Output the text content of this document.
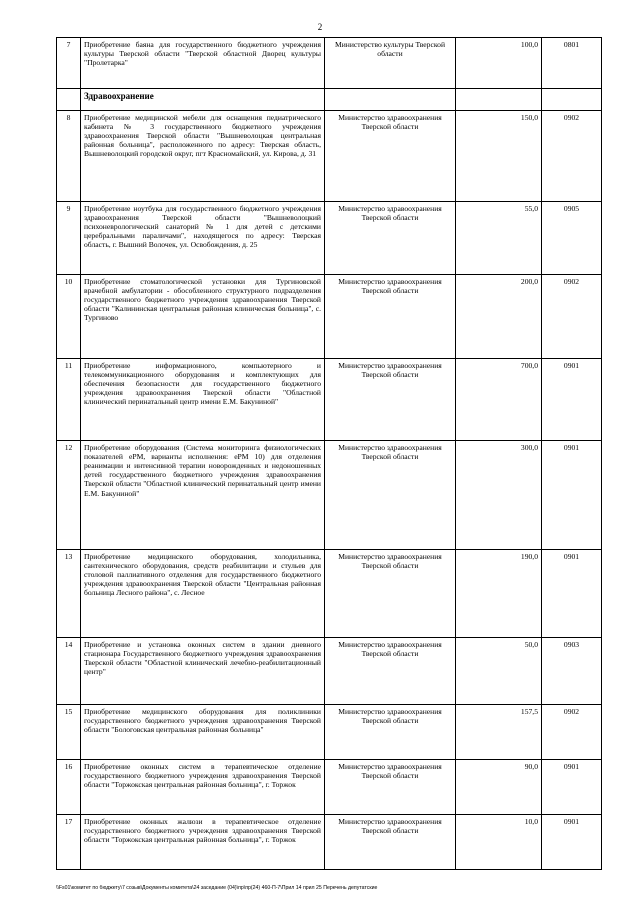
2
7	Приобретение баяна для государственного бюджетного учреждения культуры Тверской области "Тверской областной Дворец культуры "Пролетарка"	Министерство культуры Тверской области	100,0	0801
	Здравоохранение			
8	Приобретение медицинской мебели для оснащения педиатрического кабинета № 3 государственного бюджетного учреждения здравоохранения Тверской области "Вышневолоцкая центральная районная больница", расположенного по адресу: Тверская область, Вышневолоцкий городской округ, пгт Красномайский, ул. Кирова, д. 31	Министерство здравоохранения Тверской области	150,0	0902
9	Приобретение ноутбука для государственного бюджетного учреждения здравоохранения Тверской области "Вышневолоцкий психоневрологический санаторий № 1 для детей с детскими церебральными параличами", находящегося по адресу: Тверская область, г. Вышний Волочек, ул. Освобождения, д. 25	Министерство здравоохранения Тверской области	55,0	0905
10	Приобретение стоматологической установки для Тургиновской врачебной амбулатории - обособленного структурного подразделения государственного бюджетного учреждения здравоохранения Тверской области "Калининская центральная районная клиническая больница", с. Тургиново	Министерство здравоохранения Тверской области	200,0	0902
11	Приобретение информационного, компьютерного и телекоммуникационного оборудования и комплектующих для обеспечения безопасности для государственного бюджетного учреждения здравоохранения Тверской области "Областной клинический перинатальный центр имени Е.М. Бакуниной"	Министерство здравоохранения Тверской области	700,0	0901
12	Приобретение оборудования (Система мониторинга физиологических показателей ePM, варианты исполнения: ePM 10) для отделения реанимации и интенсивной терапии новорожденных и недоношенных детей государственного бюджетного учреждения здравоохранения Тверской области "Областной клинический перинатальный центр имени Е.М. Бакуниной"	Министерство здравоохранения Тверской области	300,0	0901
13	Приобретение медицинского оборудования, холодильника, сантехнического оборудования, средств реабилитации и стульев для столовой паллиативного отделения для государственного бюджетного учреждения здравоохранения Тверской области "Центральная районная больница Лесного района", с. Лесное	Министерство здравоохранения Тверской области	190,0	0901
14	Приобретение и установка оконных систем в здании дневного стационара Государственного бюджетного учреждения здравоохранения Тверской области "Областной клинический лечебно-реабилитационный центр"	Министерство здравоохранения Тверской области	50,0	0903
15	Приобретение медицинского оборудования для поликлиники государственного бюджетного учреждения здравоохранения Тверской области "Бологовская центральная районная больница"	Министерство здравоохранения Тверской области	157,5	0902
16	Приобретение оконных систем в терапевтическое отделение государственного бюджетного учреждения здравоохранения Тверской области "Торжокская центральная районная больница", г. Торжок	Министерство здравоохранения Тверской области	90,0	0901
17	Приобретение оконных жалюзи в терапевтическое отделение государственного бюджетного учреждения здравоохранения Тверской области "Торжокская центральная районная больница", г. Торжок	Министерство здравоохранения Тверской области	10,0	0901
\\Fs01\комитет по бюджету\7 созыв\Документы комитета\24 заседание (04)\пр\пр(24) 460-П-7\Прил 14 прил 25 Перечень депутатские
